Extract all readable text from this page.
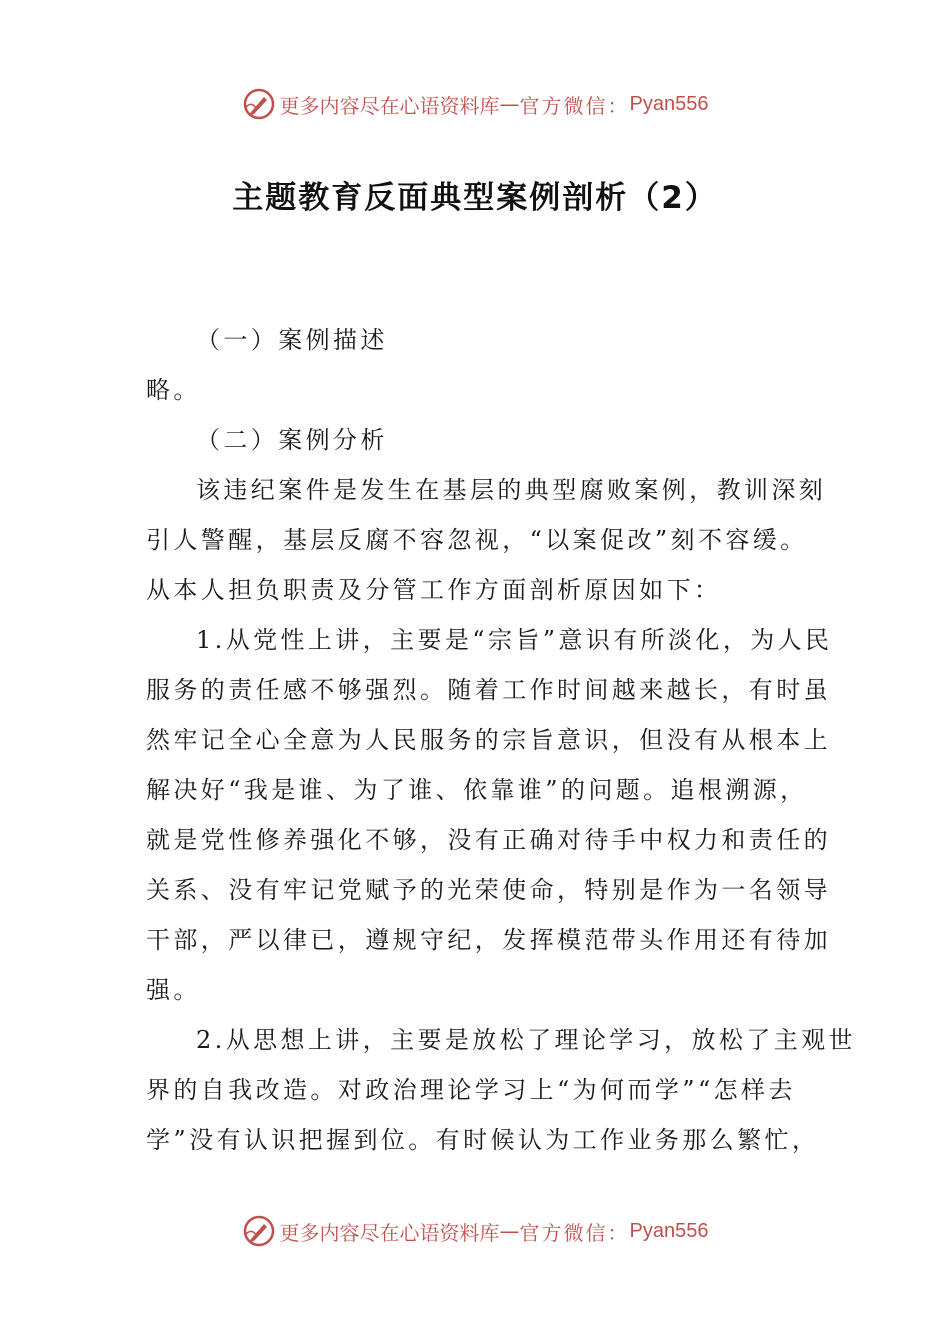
更多内容尽在心语资料库 — 官方微信： Pyan556
主题教育反面典型案例剖析（2）
（一）案例描述
略。
（二）案例分析
该违纪案件是发生在基层的典型腐败案例，教训深刻
引人警醒，基层反腐不容忽视，“以案促改”刻不容缓。
从本人担负职责及分管工作方面剖析原因如下：
1.从党性上讲，主要是“宗旨”意识有所淡化，为人民
服务的责任感不够强烈。随着工作时间越来越长，有时虽
然牢记全心全意为人民服务的宗旨意识，但没有从根本上
解决好“我是谁、为了谁、依靠谁”的问题。追根溯源，
就是党性修养强化不够，没有正确对待手中权力和责任的
关系、没有牢记党赋予的光荣使命，特别是作为一名领导
干部，严以律已，遵规守纪，发挥模范带头作用还有待加
强。
2.从思想上讲，主要是放松了理论学习，放松了主观世
界的自我改造。对政治理论学习上“为何而学”“怎样去
学”没有认识把握到位。有时候认为工作业务那么繁忙，
更多内容尽在心语资料库 — 官方微信： Pyan556
